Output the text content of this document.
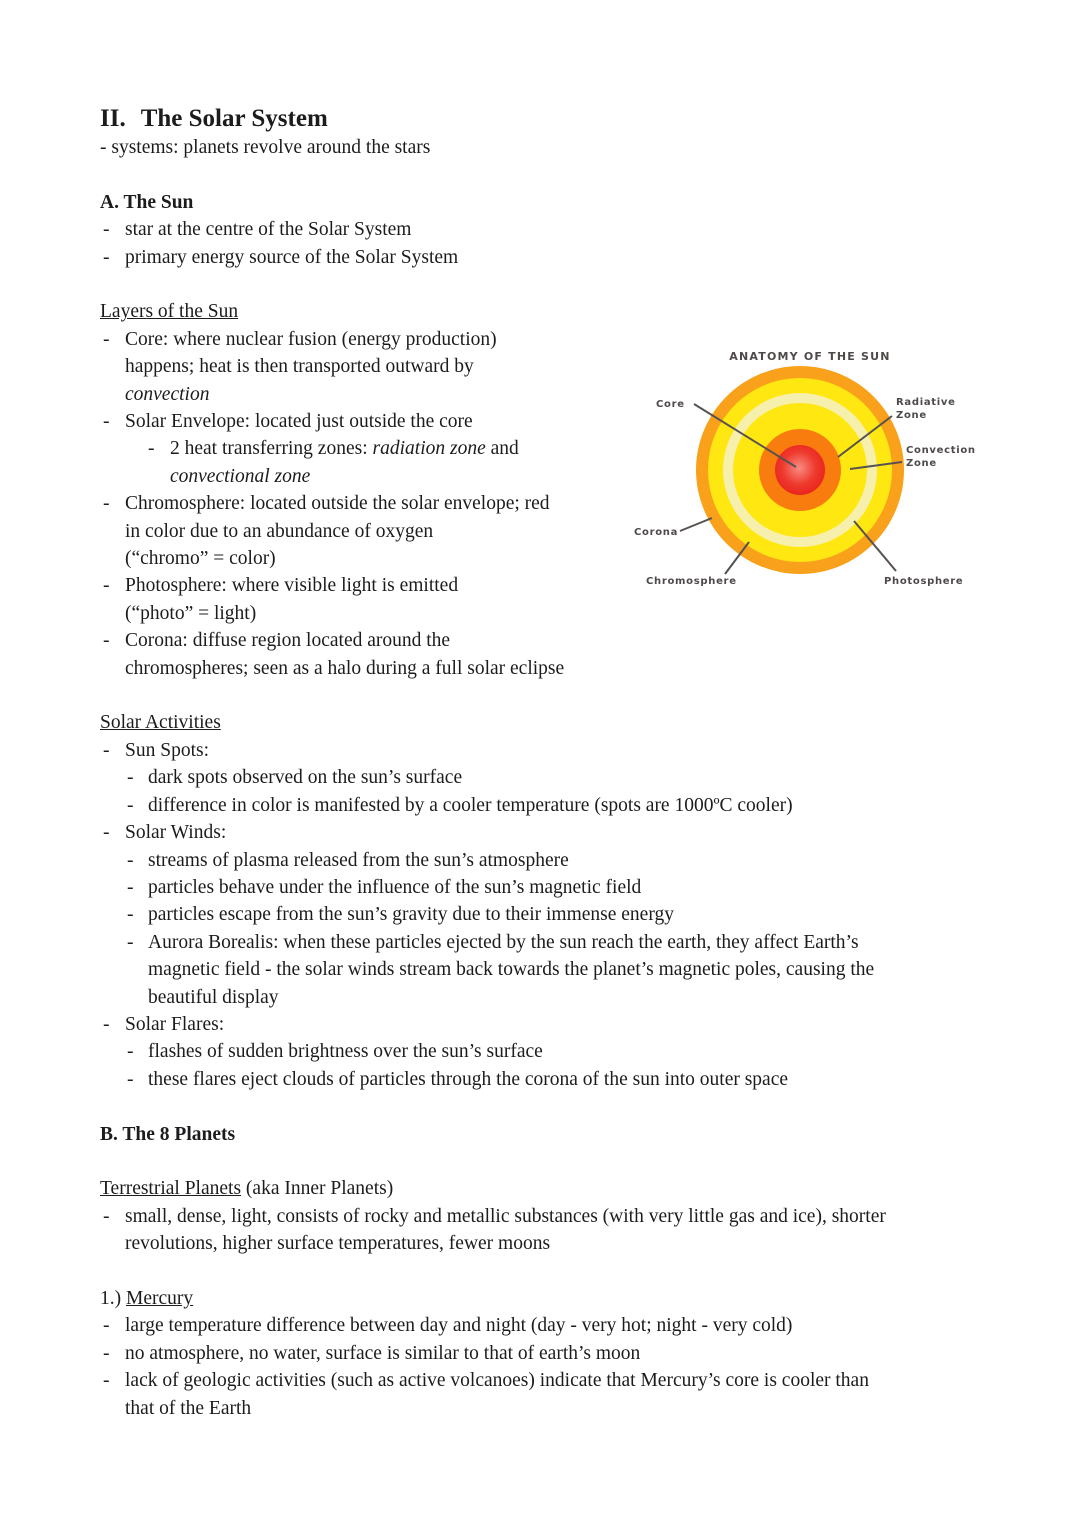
II. The Solar System
- systems: planets revolve around the stars
A. The Sun
- star at the centre of the Solar System
- primary energy source of the Solar System
Layers of the Sun
- Core: where nuclear fusion (energy production)
happens; heat is then transported outward by
convection
- Solar Envelope: located just outside the core
- 2 heat transferring zones: radiation zone and
convectional zone
- Chromosphere: located outside the solar envelope; red
in color due to an abundance of oxygen
(“chromo” = color)
- Photosphere: where visible light is emitted
(“photo” = light)
- Corona: diffuse region located around the
chromospheres; seen as a halo during a full solar eclipse
ANATOMY OF THE SUN
Core	Radiative
Zone
Convection
Zone
Corona
Chromosphere	Photosphere
Solar Activities
- Sun Spots:
- dark spots observed on the sun’s surface
- difference in color is manifested by a cooler temperature (spots are 1000ºC cooler)
- Solar Winds:
- streams of plasma released from the sun’s atmosphere
- particles behave under the influence of the sun’s magnetic field
- particles escape from the sun’s gravity due to their immense energy
- Aurora Borealis: when these particles ejected by the sun reach the earth, they affect Earth’s
magnetic field - the solar winds stream back towards the planet’s magnetic poles, causing the
beautiful display
- Solar Flares:
- flashes of sudden brightness over the sun’s surface
- these flares eject clouds of particles through the corona of the sun into outer space
B. The 8 Planets
Terrestrial Planets (aka Inner Planets)
- small, dense, light, consists of rocky and metallic substances (with very little gas and ice), shorter
revolutions, higher surface temperatures, fewer moons
1.) Mercury
- large temperature difference between day and night (day - very hot; night - very cold)
- no atmosphere, no water, surface is similar to that of earth’s moon
- lack of geologic activities (such as active volcanoes) indicate that Mercury’s core is cooler than
that of the Earth
